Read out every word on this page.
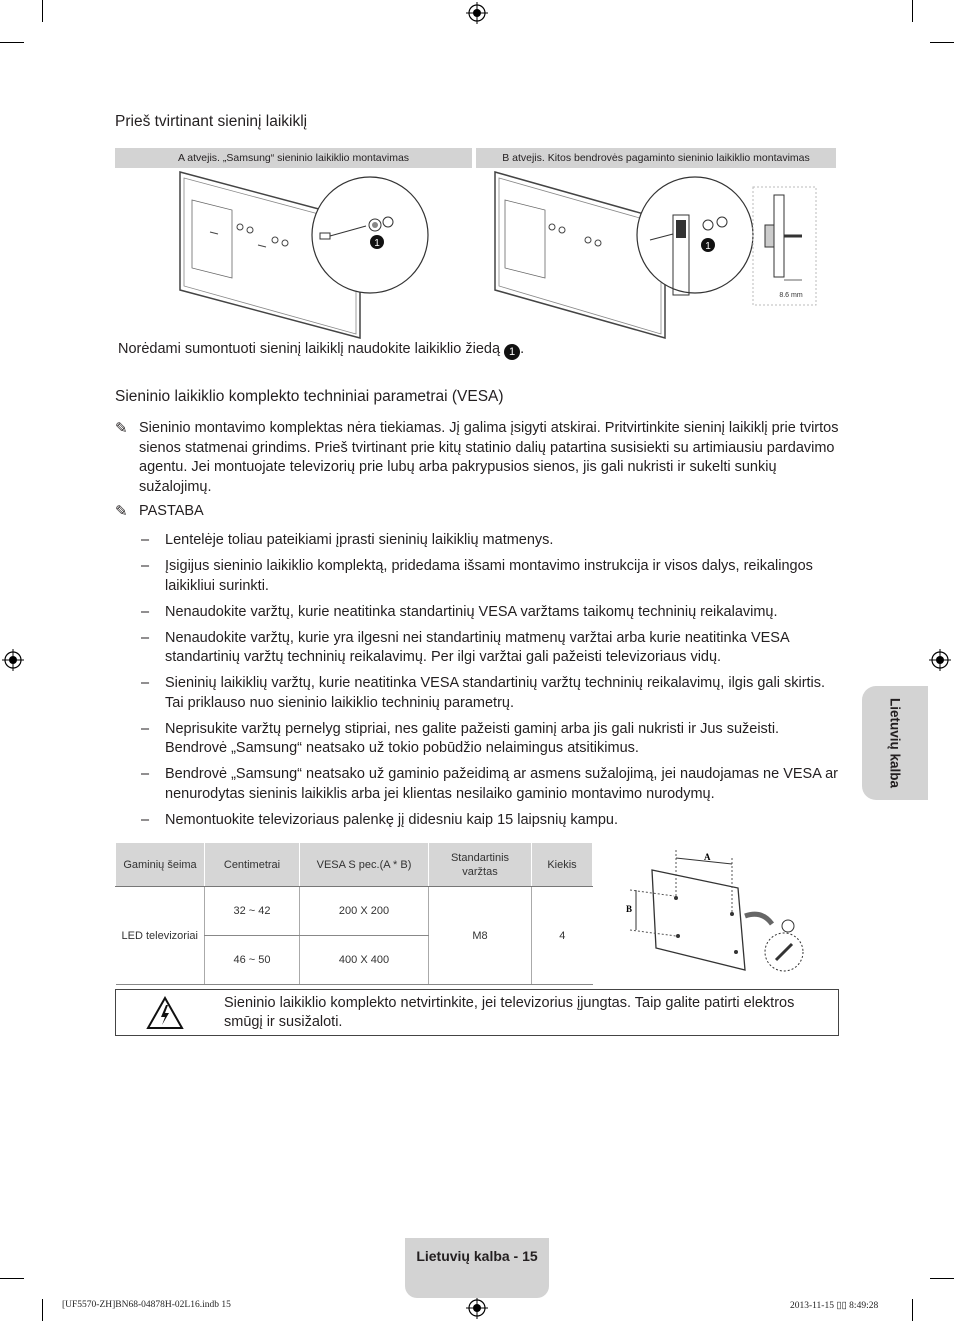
Prieš tvirtinant sieninį laikiklį
A atvejis. „Samsung“ sieninio laikiklio montavimas	B atvejis. Kitos bendrovės pagaminto sieninio laikiklio montavimas
1	1
8.6 mm
Norėdami sumontuoti sieninį laikiklį naudokite laikiklio žiedą 1 .
Sieninio laikiklio komplekto techniniai parametrai (VESA)
✎ Sieninio montavimo komplektas nėra tiekiamas. Jį galima įsigyti atskirai. Pritvirtinkite sieninį laikiklį prie tvirtos sienos statmenai grindims. Prieš tvirtinant prie kitų statinio dalių patartina susisiekti su artimiausiu pardavimo agentu. Jei montuojate televizorių prie lubų arba pakrypusios sienos, jis gali nukristi ir sukelti sunkių sužalojimų.
✎ PASTABA
– Lentelėje toliau pateikiami įprasti sieninių laikiklių matmenys.
– Įsigijus sieninio laikiklio komplektą, pridedama išsami montavimo instrukcija ir visos dalys, reikalingos laikikliui surinkti.
– Nenaudokite varžtų, kurie neatitinka standartinių VESA varžtams taikomų techninių reikalavimų.
– Nenaudokite varžtų, kurie yra ilgesni nei standartinių matmenų varžtai arba kurie neatitinka VESA standartinių varžtų techninių reikalavimų. Per ilgi varžtai gali pažeisti televizoriaus vidų.
– Sieninių laikiklių varžtų, kurie neatitinka VESA standartinių varžtų techninių reikalavimų, ilgis gali skirtis. Tai priklauso nuo sieninio laikiklio techninių parametrų.
– Neprisukite varžtų pernelyg stipriai, nes galite pažeisti gaminį arba jis gali nukristi ir Jus sužeisti. Bendrovė „Samsung“ neatsako už tokio pobūdžio nelaimingus atsitikimus.
– Bendrovė „Samsung“ neatsako už gaminio pažeidimą ar asmens sužalojimą, jei naudojamas ne VESA ar nenurodytas sieninis laikiklis arba jei klientas nesilaiko gaminio montavimo nurodymų.
– Nemontuokite televizoriaus palenkę jį didesniu kaip 15 laipsnių kampu.
Gaminių šeima	Centimetrai	VESA S pec.(A * B)	Standartinis varžtas	Kiekis
LED televizoriai	32 ~ 42	200 X 200	M8	4
	46 ~ 50	400 X 400		
A
B
Sieninio laikiklio komplekto netvirtinkite, jei televizorius įjungtas. Taip galite patirti elektros smūgį ir susižaloti.
Lietuvių kalba
Lietuvių kalba - 15
[UF5570-ZH]BN68-04878H-02L16.indb 15	2013-11-15 ▯▯ 8:49:28
